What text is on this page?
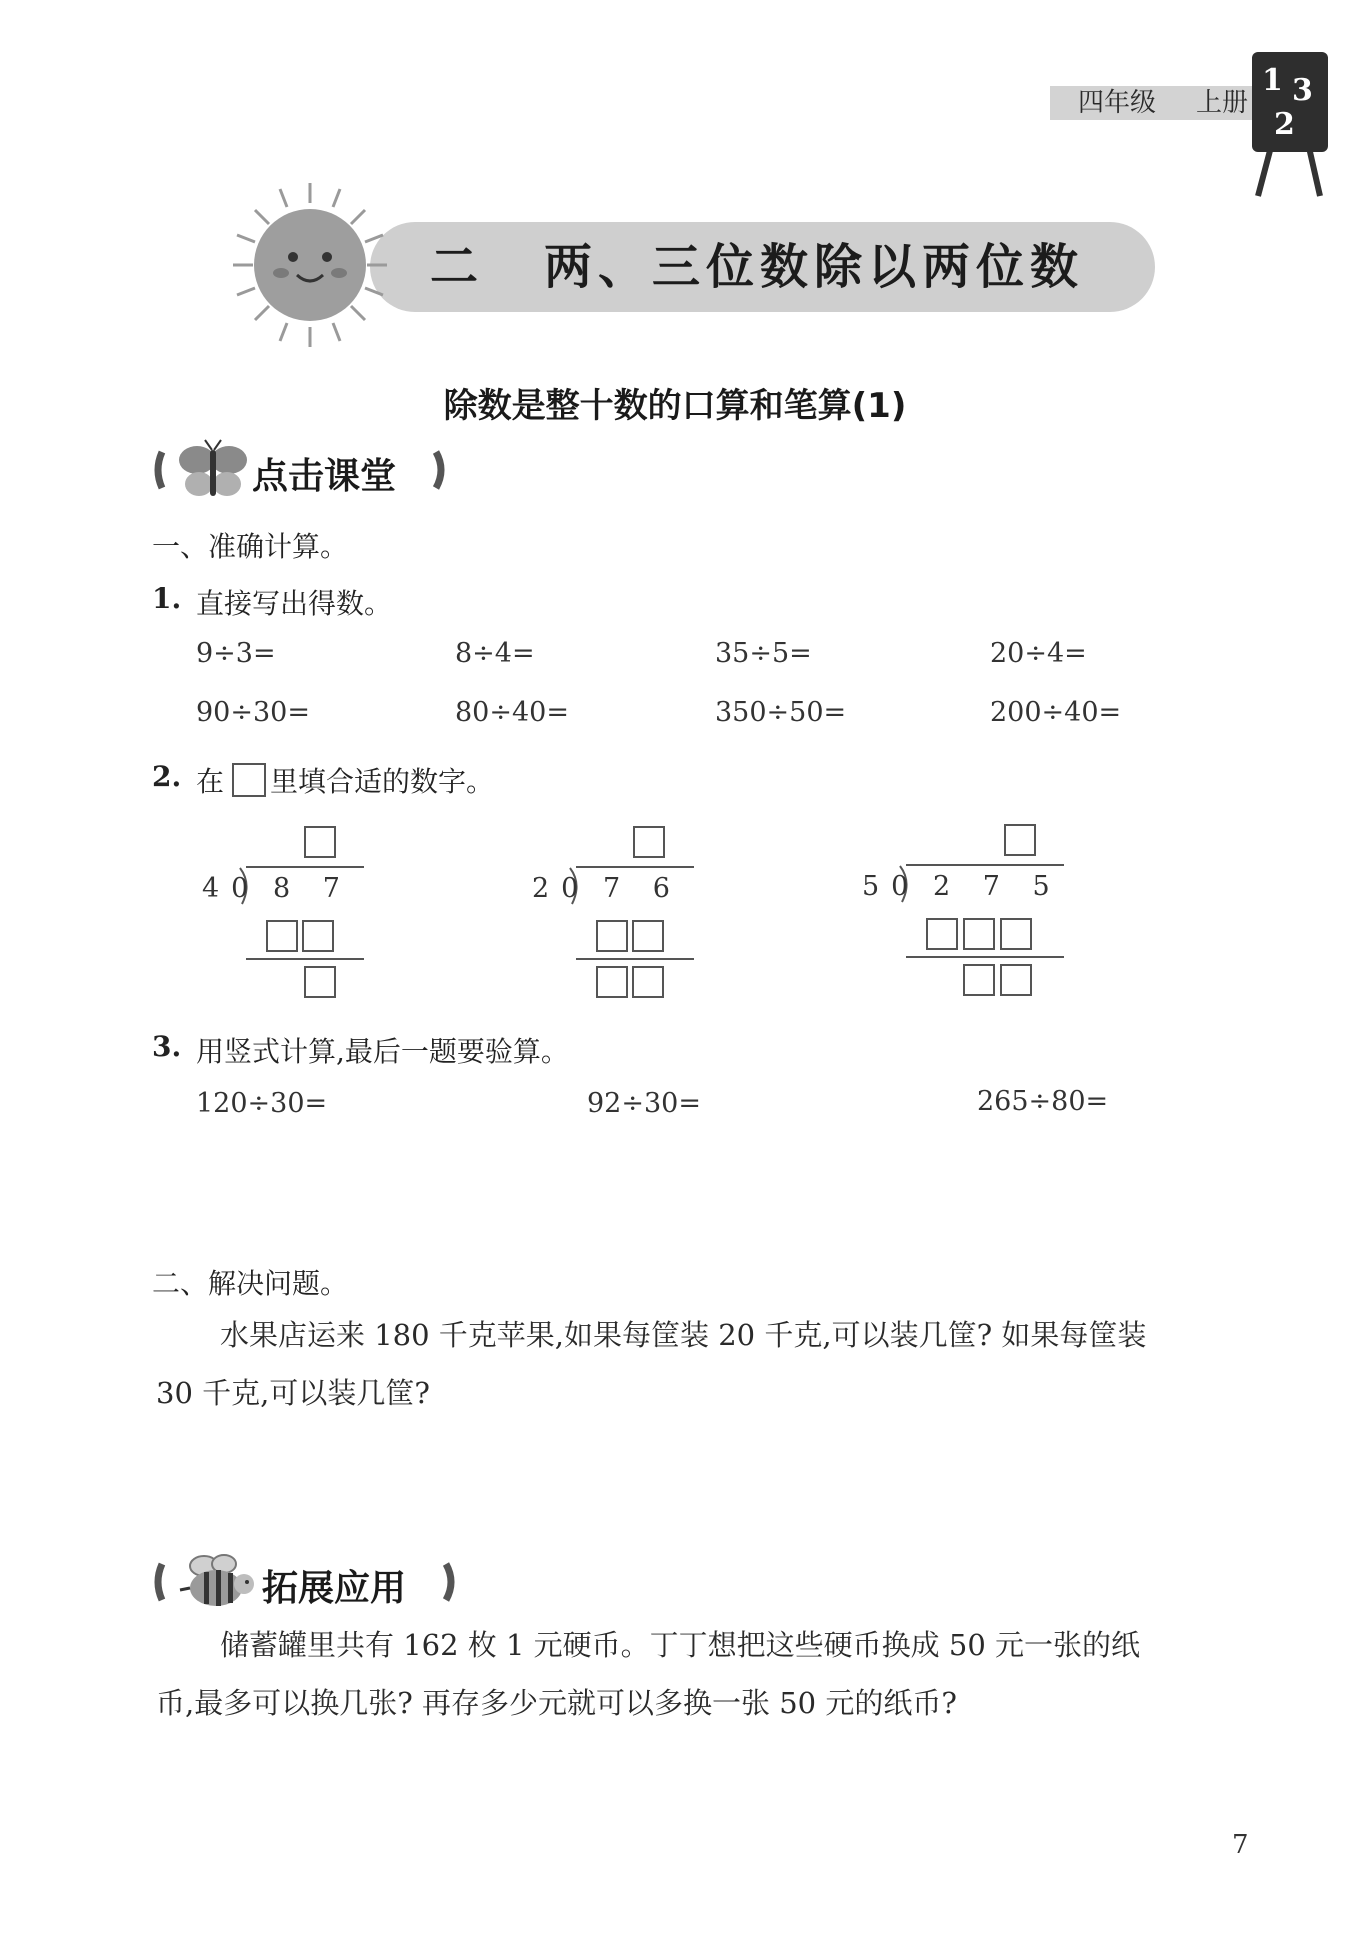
四年级 上册
1 3
2
二 两、三位数除以两位数
除数是整十数的口算和笔算(1)
点击课堂
一、准确计算。
1. 直接写出得数。
9÷3=	8÷4=	35÷5=	20÷4=
90÷30=	80÷40=	350÷50=	200÷40=
2. 在 里填合适的数字。
40 8 7	20 7 6	50 2 7 5
3. 用竖式计算,最后一题要验算。
120÷30=	92÷30=	265÷80=
二、解决问题。
水果店运来 180 千克苹果,如果每筐装 20 千克,可以装几筐? 如果每筐装
30 千克,可以装几筐?
拓展应用
储蓄罐里共有 162 枚 1 元硬币。丁丁想把这些硬币换成 50 元一张的纸
币,最多可以换几张? 再存多少元就可以多换一张 50 元的纸币?
7
